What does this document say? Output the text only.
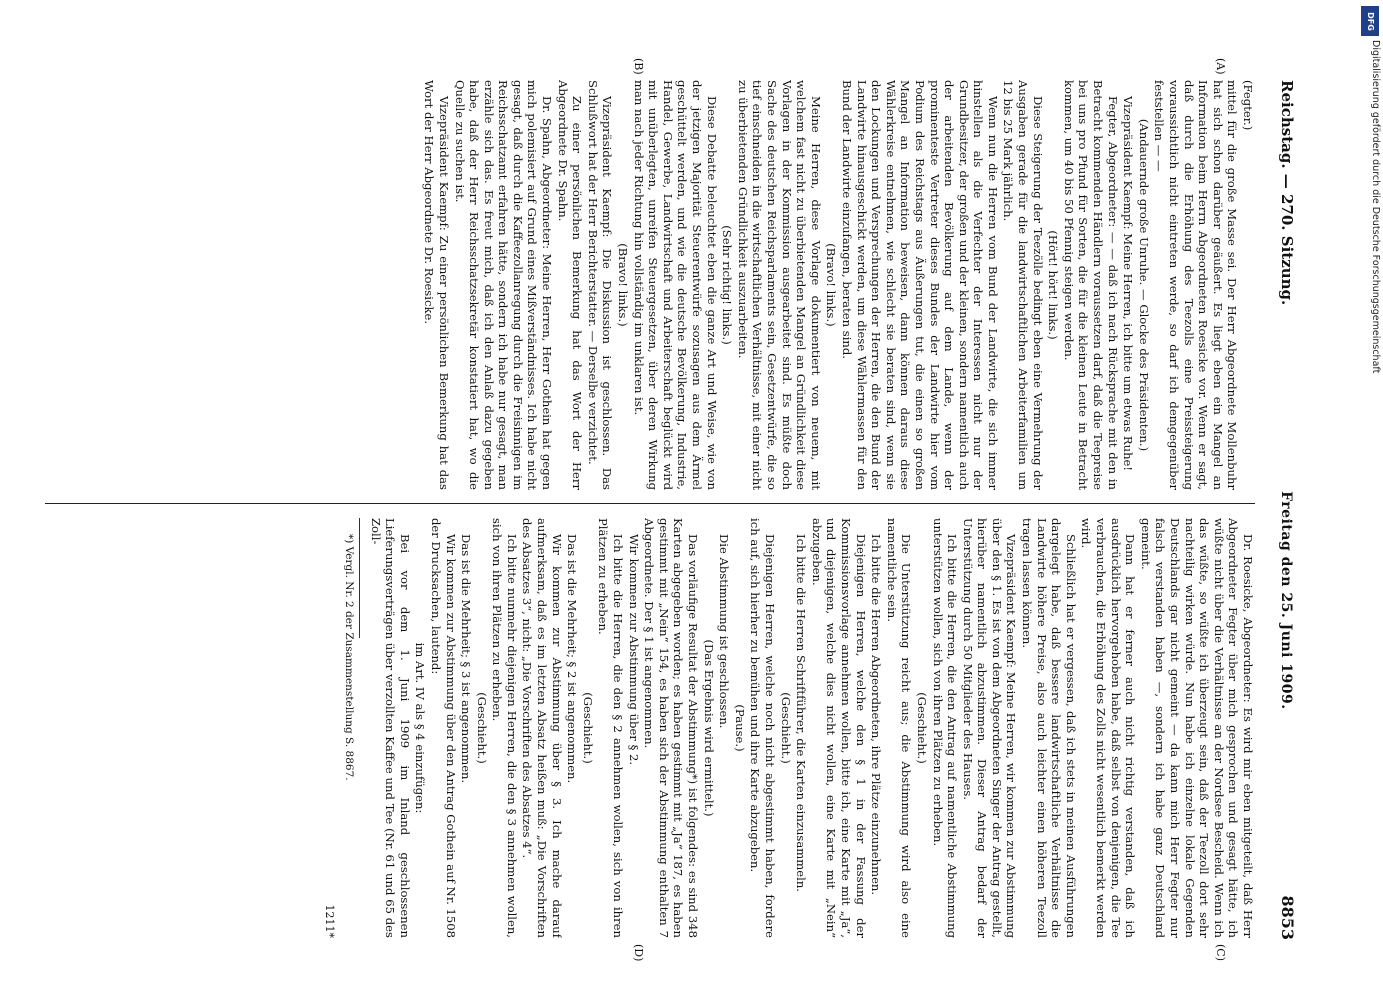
Reichstag. — 270. Sitzung.
Freitag den 25. Juni 1909.
8853
(A)
(B)
(C)
(D)

(Fegter.)

mittel für die große Masse sei. Der Herr Abgeordnete Mollenbuhr hat sich schon darüber geäußert. Es liegt eben ein Mangel an Information beim Herrn Abgeordneten Roesicke vor. Wenn er sagt, daß durch die Erhöhung des Teezolls eine Preissteigerung voraussichtlich nicht eintreten werde, so darf ich demgegenüber feststellen — —

(Andauernde große Unruhe. — Glocke des Präsidenten.)

Vizepräsident Kaempf: Meine Herren, ich bitte um etwas Ruhe!

Fegter, Abgeordneter: — — daß ich nach Rücksprache mit den in Betracht kommenden Händlern voraussetzen darf, daß die Teepreise bei uns pro Pfund für Sorten, die für die kleinen Leute in Betracht kommen, um 40 bis 50 Pfennig steigen werden.

(Hört! hört! links.)

Diese Steigerung der Teezölle bedingt eben eine Vermehrung der Ausgaben gerade für die landwirtschaftlichen Arbeiterfamilien um 12 bis 25 Mark jährlich.

Wenn nun die Herren vom Bund der Landwirte, die sich immer hinstellen als die Verfechter der Interessen nicht nur der Grundbesitzer, der großen und der kleinen, sondern namentlich auch der arbeitenden Bevölkerung auf dem Lande, wenn der prominenteste Vertreter dieses Bundes der Landwirte hier vom Podium des Reichstags aus Äußerungen tut, die einen so großen Mangel an Information beweisen, dann können daraus diese Wählerkreise entnehmen, wie schlecht sie beraten sind, wenn sie den Lockungen und Versprechungen der Herren, die den Bund der Landwirte hinausgeschickt werden, um diese Wählermassen für den Bund der Landwirte einzufangen, beraten sind.

(Bravo! links.)

Meine Herren, diese Vorlage dokumentiert von neuem, mit welchem fast nicht zu überbietenden Mangel an Gründlichkeit diese Vorlagen in der Kommission ausgearbeitet sind. Es müßte doch Sache des deutschen Reichsparlaments sein, Gesetzentwürfe, die so tief einschneiden in die wirtschaftlichen Verhältnisse, mit einer nicht zu überbietenden Gründlichkeit auszuarbeiten.

(Sehr richtig! links.)

Diese Debatte beleuchtet eben die ganze Art und Weise, wie von der jetzigen Majorität Steuerentwürfe sozusagen aus dem Ärmel geschüttelt werden, und wie die deutsche Bevölkerung, Industrie, Handel, Gewerbe, Landwirtschaft und Arbeiterschaft beglückt wird mit unüberlegten, unreifen Steuergesetzen, über deren Wirkung man nach jeder Richtung hin vollständig im unklaren ist.

(Bravo! links.)

Vizepräsident Kaempf: Die Diskussion ist geschlossen. Das Schlußwort hat der Herr Berichterstatter. — Derselbe verzichtet.

Zu einer persönlichen Bemerkung hat das Wort der Herr Abgeordnete Dr. Spahn.

Dr. Spahn, Abgeordneter: Meine Herren, Herr Gothein hat gegen mich polemisiert auf Grund eines Mißverständnisses. Ich habe nicht gesagt, daß durch die Kaffeezollanregung durch die Freisinnigen im Reichsschatzamt erfahren hätte, sondern ich habe nur gesagt, man erzähle sich das. Es freut mich, daß ich den Anlaß dazu gegeben habe, daß der Herr Reichsschatzsekretär konstatiert hat, wo die Quelle zu suchen ist.

Vizepräsident Kaempf: Zu einer persönlichen Bemerkung hat das Wort der Herr Abgeordnete Dr. Roesicke.

Dr. Roesicke, Abgeordneter: Es wird mir eben mitgeteilt, daß Herr Abgeordneter Fegter über mich gesprochen und gesagt hätte, ich wüßte nicht über die Verhältnisse an der Nordsee Bescheid. Wenn ich das wüßte, so wüßte ich überzeugt sein, daß der Teezoll dort sehr nachteilig wirken würde. Nun habe ich einzelne lokale Gegenden Deutschlands gar nicht gemeint — da kann mich Herr Fegter nur falsch verstanden haben —, sondern ich habe ganz Deutschland gemeint.

Dann hat er ferner auch nicht richtig verstanden, daß ich ausdrücklich hervorgehoben habe, daß selbst von denjenigen, die Tee verbrauchen, die Erhöhung des Zolls nicht wesentlich bemerkt werden wird.

Schließlich hat er vergessen, daß ich stets in meinen Ausführungen dargelegt habe, daß bessere landwirtschaftliche Verhältnisse die Landwirte höhere Preise, also auch leichter einen höheren Teezoll tragen lassen können.

Vizepräsident Kaempf: Meine Herren, wir kommen zur Abstimmung über den § 1. Es ist von dem Abgeordneten Singer der Antrag gestellt, hierüber namentlich abzustimmen. Dieser Antrag bedarf der Unterstützung durch 50 Mitglieder des Hauses.

Ich bitte die Herren, die den Antrag auf namentliche Abstimmung unterstützen wollen, sich von ihren Plätzen zu erheben.

(Geschieht.)

Die Unterstützung reicht aus; die Abstimmung wird also eine namentliche sein.

Ich bitte die Herren Abgeordneten, ihre Plätze einzunehmen.

Diejenigen Herren, welche den § 1 in der Fassung der Kommissionsvorlage annehmen wollen, bitte ich, eine Karte mit „Ja“, und diejenigen, welche dies nicht wollen, eine Karte mit „Nein“ abzugeben.

Ich bitte die Herren Schriftführer, die Karten einzusammeln.

(Geschieht.)

Diejenigen Herren, welche noch nicht abgestimmt haben, fordere ich auf, sich hierher zu bemühen und ihre Karte abzugeben.

(Pause.)

Die Abstimmung ist geschlossen.

(Das Ergebnis wird ermittelt.)

Das vorläufige Resultat der Abstimmung*) ist folgendes: es sind 348 Karten abgegeben worden; es haben gestimmt mit „Ja“ 187, es haben gestimmt mit „Nein“ 154, es haben sich der Abstimmung enthalten 7 Abgeordnete. Der § 1 ist angenommen.

Wir kommen zur Abstimmung über § 2.

Ich bitte die Herren, die den § 2 annehmen wollen, sich von ihren Plätzen zu erheben.

(Geschieht.)

Das ist die Mehrheit; § 2 ist angenommen.

Wir kommen zur Abstimmung über § 3. Ich mache darauf aufmerksam, daß es im letzten Absatz heißen muß: „Die Vorschriften des Absatzes 3“, nicht: „Die Vorschriften des Absatzes 4“.

Ich bitte nunmehr diejenigen Herren, die den § 3 annehmen wollen, sich von ihren Plätzen zu erheben.

(Geschieht.)

Das ist die Mehrheit; § 3 ist angenommen.

Wir kommen zur Abstimmung über den Antrag Gothein auf Nr. 1508 der Drucksachen, lautend:

im Art. IV als § 4 einzufügen:

Bei vor dem 1. Juni 1909 im Inland geschlossenen Lieferungsverträgen über verzollten Kaffee und Tee (Nr. 61 und 65 des Zoll-

*) Vergl. Nr. 2 der Zusammenstellung S. 8867.

1211*
DFG
Digitalisierung gefördert durch die Deutsche Forschungsgemeinschaft
